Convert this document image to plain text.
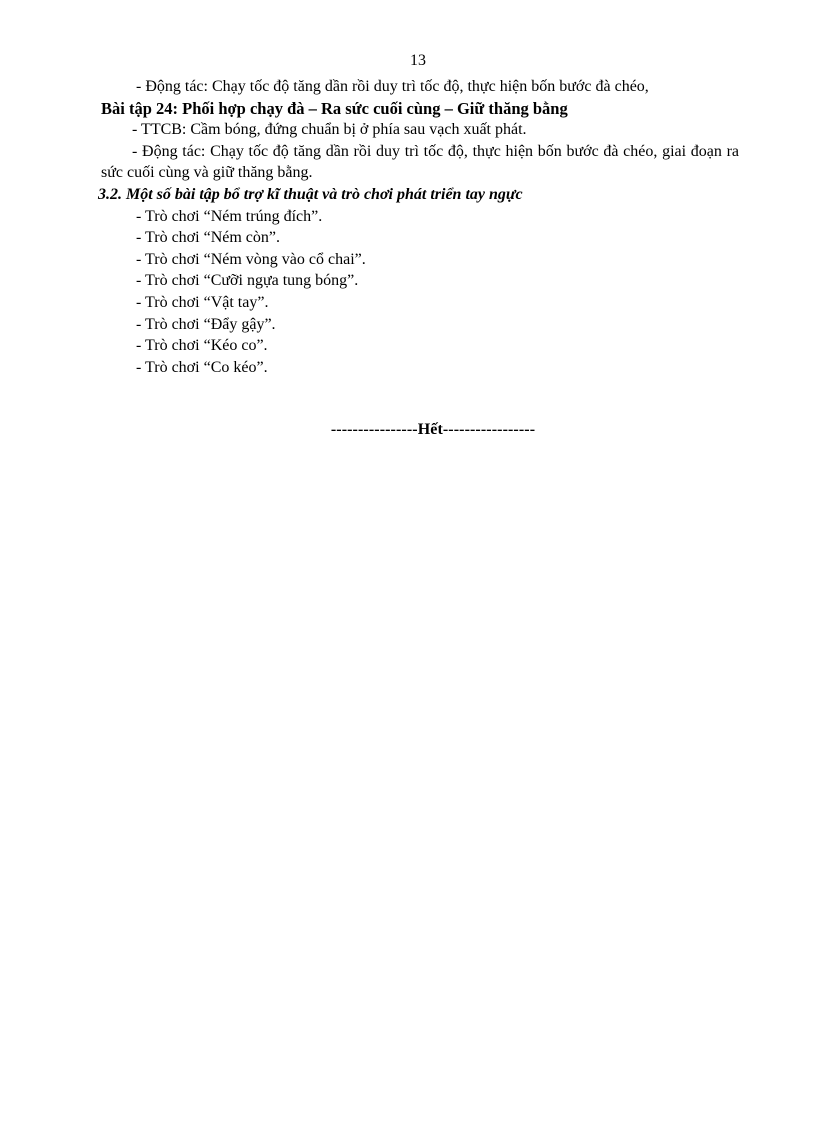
13

- Động tác: Chạy tốc độ tăng dần rồi duy trì tốc độ, thực hiện bốn bước đà chéo,

Bài tập 24: Phối hợp chạy đà – Ra sức cuối cùng – Giữ thăng bằng

- TTCB: Cầm bóng, đứng chuẩn bị ở phía sau vạch xuất phát.

- Động tác: Chạy tốc độ tăng dần rồi duy trì tốc độ, thực hiện bốn bước đà chéo, giai đoạn ra sức cuối cùng và giữ thăng bằng.

3.2. Một số bài tập bổ trợ kĩ thuật và trò chơi phát triển tay ngực

- Trò chơi “Ném trúng đích”.

- Trò chơi “Ném còn”.

- Trò chơi “Ném vòng vào cổ chai”.

- Trò chơi “Cưỡi ngựa tung bóng”.

- Trò chơi “Vật tay”.

- Trò chơi “Đẩy gậy”.

- Trò chơi “Kéo co”.

- Trò chơi “Co kéo”.

----------------Hết-----------------
